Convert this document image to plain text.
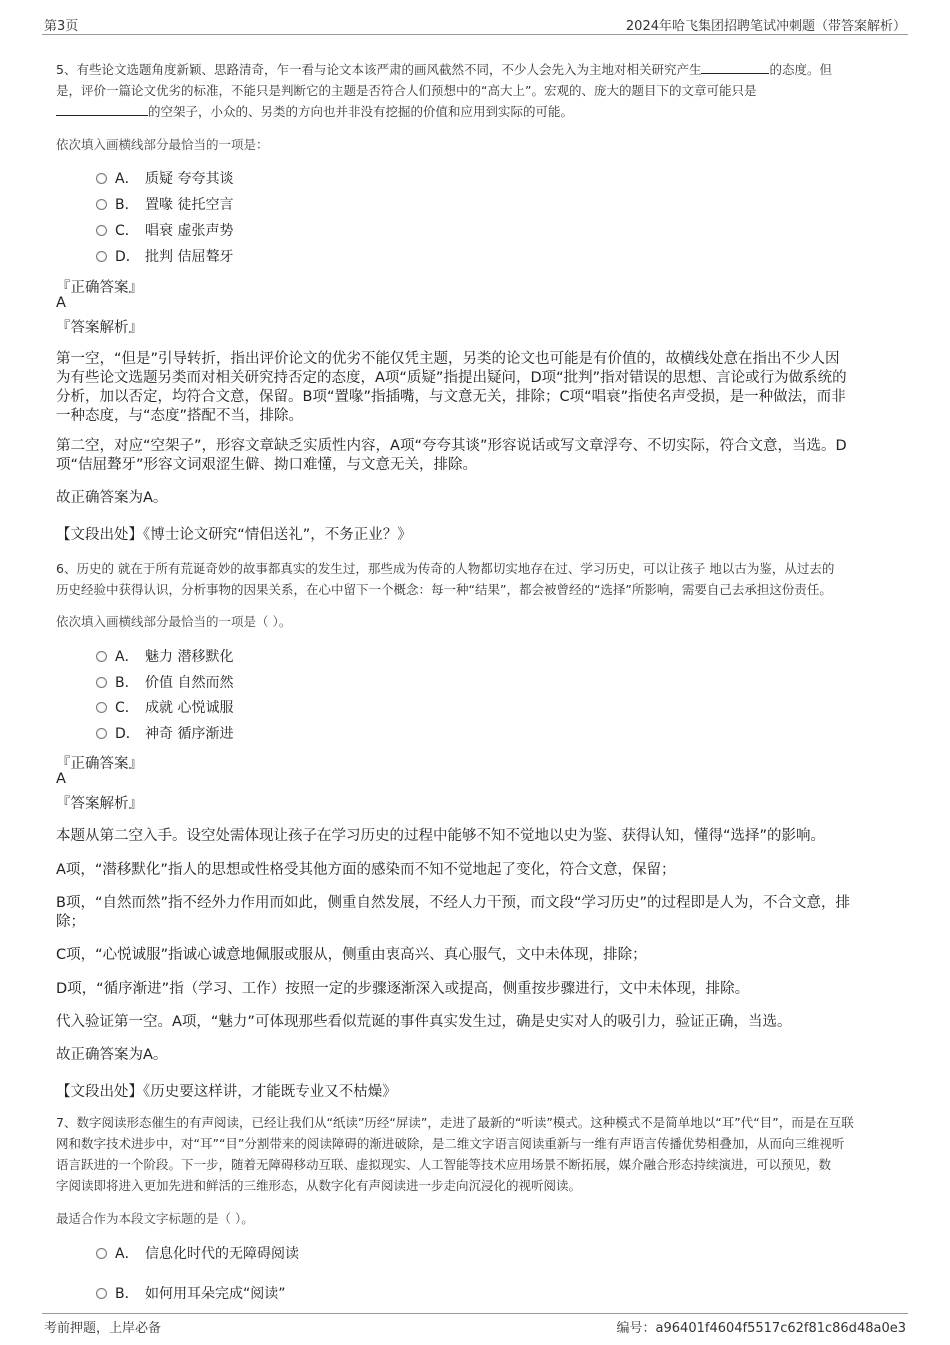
第3页	2024年哈飞集团招聘笔试冲刺题（带答案解析）
5、有些论文选题角度新颖、思路清奇，乍一看与论文本该严肃的画风截然不同，不少人会先入为主地对相关研究产生	的态度。但
是，评价一篇论文优劣的标准，不能只是判断它的主题是否符合人们预想中的“高大上”。宏观的、庞大的题目下的文章可能只是
的空架子，小众的、另类的方向也并非没有挖掘的价值和应用到实际的可能。
依次填入画横线部分最恰当的一项是：
A． 质疑 夸夸其谈
B． 置喙 徒托空言
C． 唱衰 虚张声势
D． 批判 佶屈聱牙
『正确答案』
A
『答案解析』
第一空，“但是”引导转折，指出评价论文的优劣不能仅凭主题，另类的论文也可能是有价值的，故横线处意在指出不少人因
为有些论文选题另类而对相关研究持否定的态度，A项“质疑”指提出疑问，D项“批判”指对错误的思想、言论或行为做系统的
分析，加以否定，均符合文意，保留。B项“置喙”指插嘴，与文意无关，排除；C项“唱衰”指使名声受损，是一种做法，而非
一种态度，与“态度”搭配不当，排除。
第二空，对应“空架子”，形容文章缺乏实质性内容，A项“夸夸其谈”形容说话或写文章浮夸、不切实际，符合文意，当选。D
项“佶屈聱牙”形容文词艰涩生僻、拗口难懂，与文意无关，排除。
故正确答案为A。
【文段出处】《博士论文研究“情侣送礼”，不务正业？》
6、历史的 就在于所有荒诞奇妙的故事都真实的发生过，那些成为传奇的人物都切实地存在过、学习历史，可以让孩子 地以古为鉴，从过去的
历史经验中获得认识，分析事物的因果关系，在心中留下一个概念：每一种“结果”，都会被曾经的“选择”所影响，需要自己去承担这份责任。
依次填入画横线部分最恰当的一项是（ ）。
A． 魅力 潜移默化
B． 价值 自然而然
C． 成就 心悦诚服
D． 神奇 循序渐进
『正确答案』
A
『答案解析』
本题从第二空入手。设空处需体现让孩子在学习历史的过程中能够不知不觉地以史为鉴、获得认知，懂得“选择”的影响。
A项，“潜移默化”指人的思想或性格受其他方面的感染而不知不觉地起了变化，符合文意，保留；
B项，“自然而然”指不经外力作用而如此，侧重自然发展，不经人力干预，而文段“学习历史”的过程即是人为，不合文意，排
除；
C项，“心悦诚服”指诚心诚意地佩服或服从，侧重由衷高兴、真心服气，文中未体现，排除；
D项，“循序渐进”指（学习、工作）按照一定的步骤逐渐深入或提高，侧重按步骤进行，文中未体现，排除。
代入验证第一空。A项，“魅力”可体现那些看似荒诞的事件真实发生过，确是史实对人的吸引力，验证正确，当选。
故正确答案为A。
【文段出处】《历史要这样讲，才能既专业又不枯燥》
7、数字阅读形态催生的有声阅读，已经让我们从“纸读”历经“屏读”，走进了最新的“听读”模式。这种模式不是简单地以“耳”代“目”，而是在互联
网和数字技术进步中，对“耳”“目”分割带来的阅读障碍的渐进破除，是二维文字语言阅读重新与一维有声语言传播优势相叠加，从而向三维视听
语言跃进的一个阶段。下一步，随着无障碍移动互联、虚拟现实、人工智能等技术应用场景不断拓展，媒介融合形态持续演进，可以预见，数
字阅读即将进入更加先进和鲜活的三维形态，从数字化有声阅读进一步走向沉浸化的视听阅读。
最适合作为本段文字标题的是（ ）。
A． 信息化时代的无障碍阅读
B． 如何用耳朵完成“阅读”
考前押题，上岸必备	编号：a96401f4604f5517c62f81c86d48a0e3
